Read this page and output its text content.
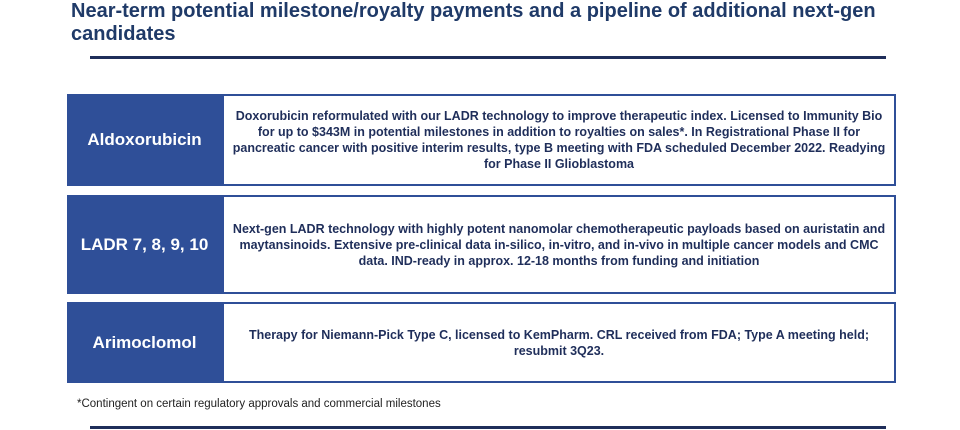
Near-term potential milestone/royalty payments and a pipeline of additional next-gen candidates
Aldoxorubicin
Doxorubicin reformulated with our LADR technology to improve therapeutic index. Licensed to Immunity Bio for up to $343M in potential milestones in addition to royalties on sales*. In Registrational Phase II for pancreatic cancer with positive interim results, type B meeting with FDA scheduled December 2022. Readying for Phase II Glioblastoma
LADR 7, 8, 9, 10
Next-gen LADR technology with highly potent nanomolar chemotherapeutic payloads based on auristatin and maytansinoids. Extensive pre-clinical data in-silico, in-vitro, and in-vivo in multiple cancer models and CMC data. IND-ready in approx. 12-18 months from funding and initiation
Arimoclomol	Therapy for Niemann-Pick Type C, licensed to KemPharm. CRL received from FDA; Type A meeting held; resubmit 3Q23.
*Contingent on certain regulatory approvals and commercial milestones
